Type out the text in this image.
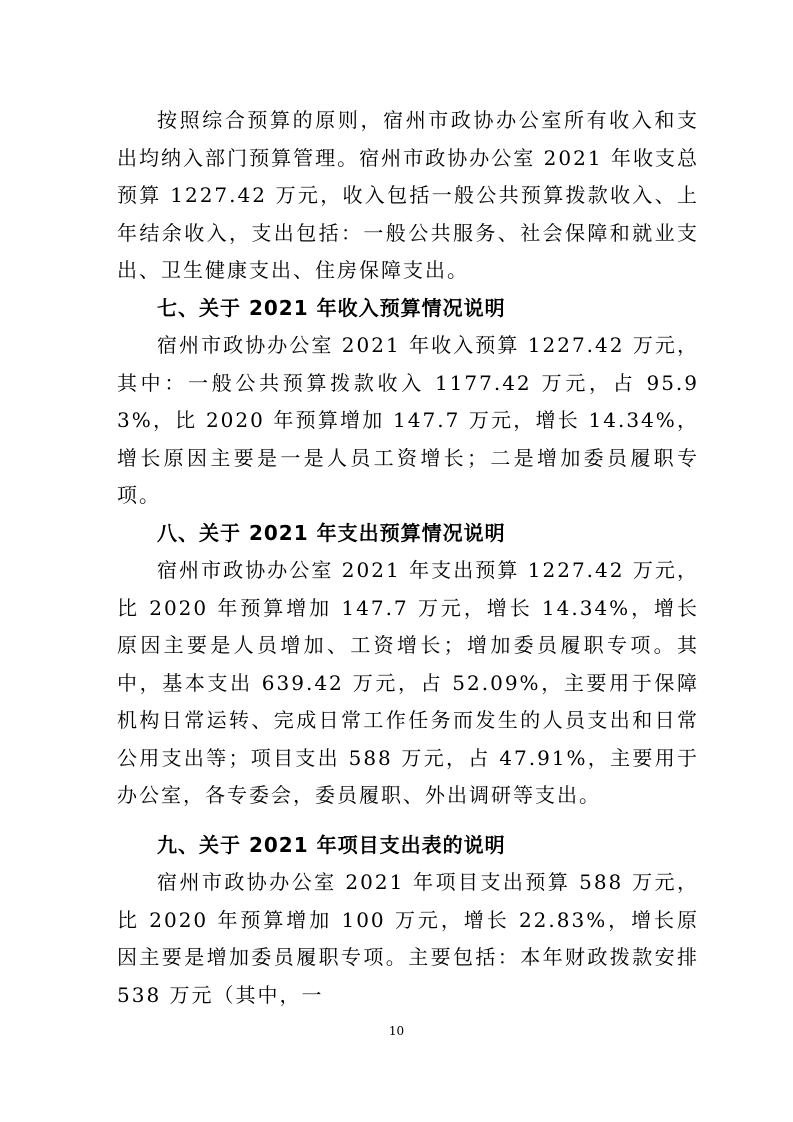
按照综合预算的原则，宿州市政协办公室所有收入和支出均纳入部门预算管理。宿州市政协办公室 2021 年收支总预算 1227.42 万元，收入包括一般公共预算拨款收入、上年结余收入，支出包括：一般公共服务、社会保障和就业支出、卫生健康支出、住房保障支出。

七、关于 2021 年收入预算情况说明

宿州市政协办公室 2021 年收入预算 1227.42 万元，其中：一般公共预算拨款收入 1177.42 万元，占 95.93%，比 2020 年预算增加 147.7 万元，增长 14.34%，增长原因主要是一是人员工资增长；二是增加委员履职专项。

八、关于 2021 年支出预算情况说明

宿州市政协办公室 2021 年支出预算 1227.42 万元，比 2020 年预算增加 147.7 万元，增长 14.34%，增长原因主要是人员增加、工资增长；增加委员履职专项。其中，基本支出 639.42 万元，占 52.09%，主要用于保障机构日常运转、完成日常工作任务而发生的人员支出和日常公用支出等；项目支出 588 万元，占 47.91%，主要用于办公室，各专委会，委员履职、外出调研等支出。

九、关于 2021 年项目支出表的说明

宿州市政协办公室 2021 年项目支出预算 588 万元，比 2020 年预算增加 100 万元，增长 22.83%，增长原因主要是增加委员履职专项。主要包括：本年财政拨款安排 538 万元（其中，一

10
